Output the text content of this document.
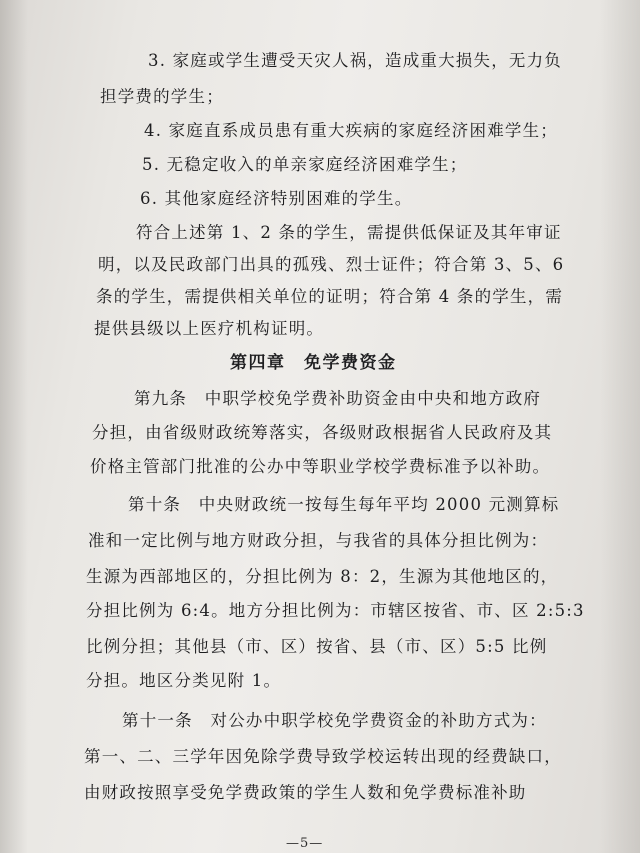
3. 家庭或学生遭受天灾人祸，造成重大损失，无力负

担学费的学生；

4. 家庭直系成员患有重大疾病的家庭经济困难学生；

5. 无稳定收入的单亲家庭经济困难学生；

6. 其他家庭经济特别困难的学生。

符合上述第 1、2 条的学生，需提供低保证及其年审证

明，以及民政部门出具的孤残、烈士证件；符合第 3、5、6

条的学生，需提供相关单位的证明；符合第 4 条的学生，需

提供县级以上医疗机构证明。

第四章　免学费资金

第九条　中职学校免学费补助资金由中央和地方政府

分担，由省级财政统筹落实，各级财政根据省人民政府及其

价格主管部门批准的公办中等职业学校学费标准予以补助。

第十条　中央财政统一按每生每年平均 2000 元测算标

准和一定比例与地方财政分担，与我省的具体分担比例为：

生源为西部地区的，分担比例为 8：2，生源为其他地区的，

分担比例为 6:4。地方分担比例为：市辖区按省、市、区 2:5:3

比例分担；其他县（市、区）按省、县（市、区）5:5 比例

分担。地区分类见附 1。

第十一条　对公办中职学校免学费资金的补助方式为：

第一、二、三学年因免除学费导致学校运转出现的经费缺口，

由财政按照享受免学费政策的学生人数和免学费标准补助

—5—
